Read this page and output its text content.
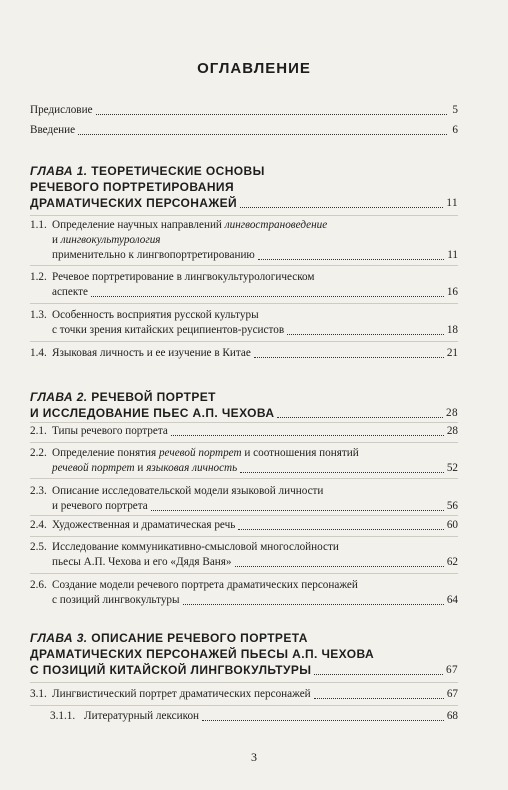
ОГЛАВЛЕНИЕ
Предисловие	5
Введение	6
ГЛАВА 1. ТЕОРЕТИЧЕСКИЕ ОСНОВЫ
РЕЧЕВОГО ПОРТРЕТИРОВАНИЯ
ДРАМАТИЧЕСКИХ ПЕРСОНАЖЕЙ	11
1.1. Определение научных направлений лингвострановедение
и лингвокультурология
применительно к лингвопортретированию	11
1.2. Речевое портретирование в лингвокультурологическом
аспекте	16
1.3. Особенность восприятия русской культуры
с точки зрения китайских реципиентов-русистов	18
1.4. Языковая личность и ее изучение в Китае	21
ГЛАВА 2. РЕЧЕВОЙ ПОРТРЕТ
И ИССЛЕДОВАНИЕ ПЬЕС А.П. ЧЕХОВА	28
2.1. Типы речевого портрета	28
2.2. Определение понятия речевой портрет и соотношения понятий
речевой портрет и языковая личность	52
2.3. Описание исследовательской модели языковой личности
и речевого портрета	56
2.4. Художественная и драматическая речь	60
2.5. Исследование коммуникативно-смысловой многослойности
пьесы А.П. Чехова и его «Дядя Ваня»	62
2.6. Создание модели речевого портрета драматических персонажей
с позиций лингвокультуры	64
ГЛАВА 3. ОПИСАНИЕ РЕЧЕВОГО ПОРТРЕТА
ДРАМАТИЧЕСКИХ ПЕРСОНАЖЕЙ ПЬЕСЫ А.П. ЧЕХОВА
С ПОЗИЦИЙ КИТАЙСКОЙ ЛИНГВОКУЛЬТУРЫ	67
3.1. Лингвистический портрет драматических персонажей	67
3.1.1. Литературный лексикон	68
3
